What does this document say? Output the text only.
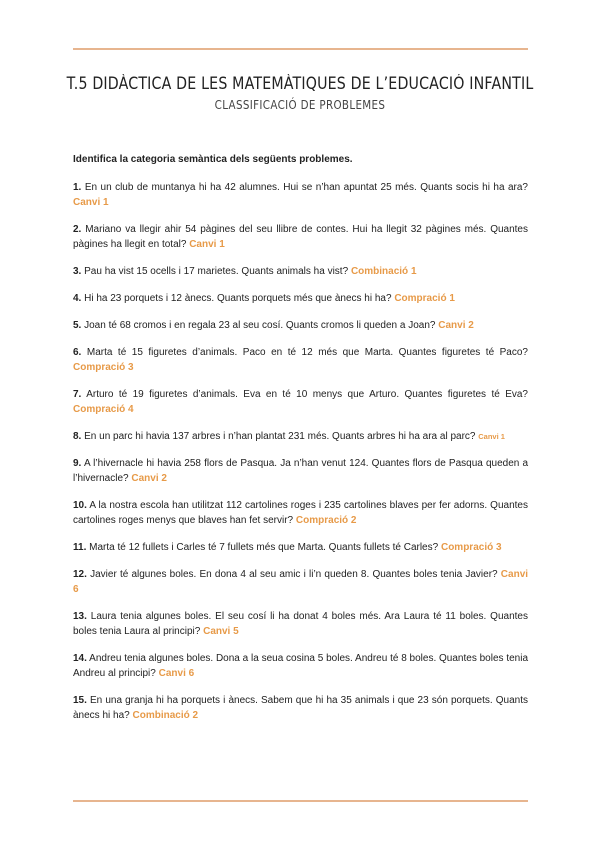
T.5 DIDÀCTICA DE LES MATEMÀTIQUES DE L’EDUCACIÓ INFANTIL
CLASSIFICACIÓ DE PROBLEMES

Identifica la categoria semàntica dels següents problemes.

1. En un club de muntanya hi ha 42 alumnes. Hui se n’han apuntat 25 més. Quants socis hi ha ara? Canvi 1

2. Mariano va llegir ahir 54 pàgines del seu llibre de contes. Hui ha llegit 32 pàgines més. Quantes pàgines ha llegit en total? Canvi 1

3. Pau ha vist 15 ocells i 17 marietes. Quants animals ha vist? Combinació 1

4. Hi ha 23 porquets i 12 ànecs. Quants porquets més que ànecs hi ha? Compració 1

5. Joan té 68 cromos i en regala 23 al seu cosí. Quants cromos li queden a Joan? Canvi 2

6. Marta té 15 figuretes d’animals. Paco en té 12 més que Marta. Quantes figuretes té Paco? Compració 3

7. Arturo té 19 figuretes d’animals. Eva en té 10 menys que Arturo. Quantes figuretes té Eva? Compració 4

8. En un parc hi havia 137 arbres i n’han plantat 231 més. Quants arbres hi ha ara al parc? Canvi 1

9. A l’hivernacle hi havia 258 flors de Pasqua. Ja n’han venut 124. Quantes flors de Pasqua queden a l’hivernacle? Canvi 2

10. A la nostra escola han utilitzat 112 cartolines roges i 235 cartolines blaves per fer adorns. Quantes cartolines roges menys que blaves han fet servir? Compració 2

11. Marta té 12 fullets i Carles té 7 fullets més que Marta. Quants fullets té Carles? Compració 3

12. Javier té algunes boles. En dona 4 al seu amic i li’n queden 8. Quantes boles tenia Javier? Canvi 6

13. Laura tenia algunes boles. El seu cosí li ha donat 4 boles més. Ara Laura té 11 boles. Quantes boles tenia Laura al principi? Canvi 5

14. Andreu tenia algunes boles. Dona a la seua cosina 5 boles. Andreu té 8 boles. Quantes boles tenia Andreu al principi? Canvi 6

15. En una granja hi ha porquets i ànecs. Sabem que hi ha 35 animals i que 23 són porquets. Quants ànecs hi ha? Combinació 2
